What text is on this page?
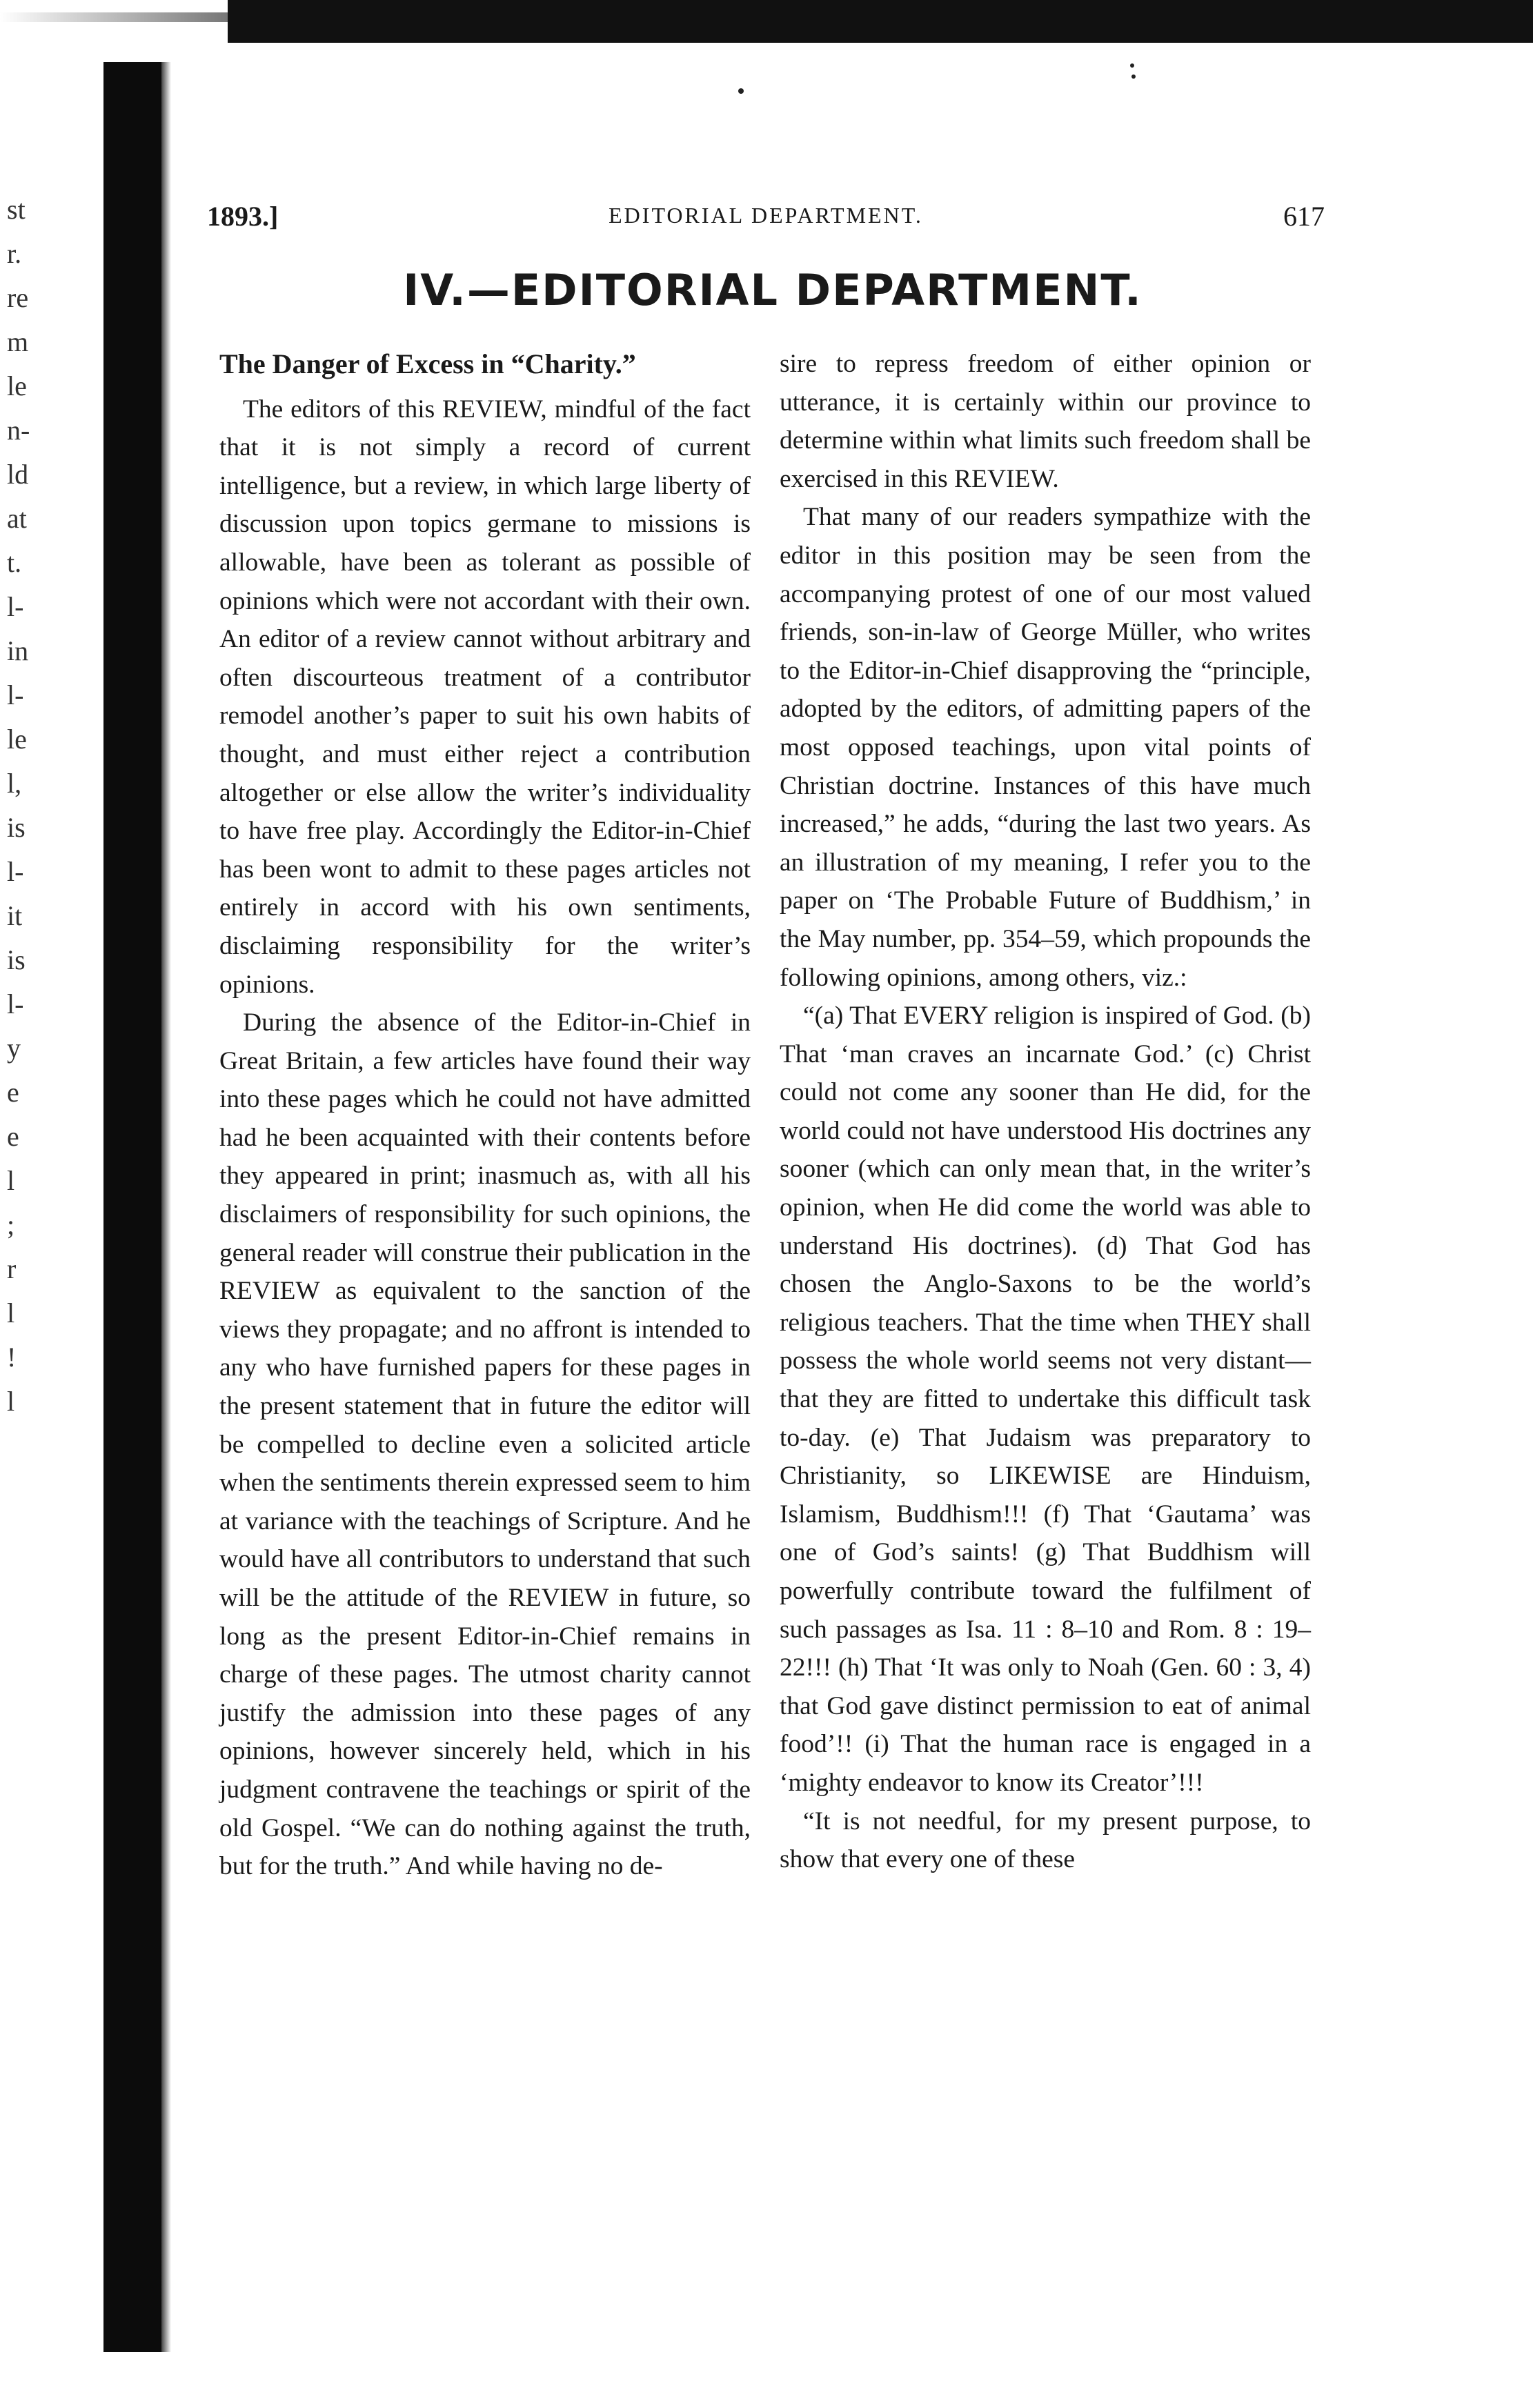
st
r.
re
m
le
n-
ld
at
t.
l-
in
l-
le
l,
is
l-
it
is
l-
y
e
e
l
;
r
l
!
l
1893.]	EDITORIAL DEPARTMENT.	617
IV.—EDITORIAL DEPARTMENT.
The Danger of Excess in “Charity.”

The editors of this REVIEW, mindful of the fact that it is not simply a record of current intelligence, but a review, in which large liberty of discussion upon topics germane to missions is allowable, have been as tolerant as possible of opinions which were not accordant with their own. An editor of a review cannot without arbitrary and often discourteous treatment of a contributor remodel another’s paper to suit his own habits of thought, and must either reject a contribution altogether or else allow the writer’s individuality to have free play. Accordingly the Editor-in-Chief has been wont to admit to these pages articles not entirely in accord with his own sentiments, disclaiming responsibility for the writer’s opinions.

During the absence of the Editor-in-Chief in Great Britain, a few articles have found their way into these pages which he could not have admitted had he been acquainted with their contents before they appeared in print; inasmuch as, with all his disclaimers of responsibility for such opinions, the general reader will construe their publication in the REVIEW as equivalent to the sanction of the views they propagate; and no affront is intended to any who have furnished papers for these pages in the present statement that in future the editor will be compelled to decline even a solicited article when the sentiments therein expressed seem to him at variance with the teachings of Scripture. And he would have all contributors to understand that such will be the attitude of the REVIEW in future, so long as the present Editor-in-Chief remains in charge of these pages. The utmost charity cannot justify the admission into these pages of any opinions, however sincerely held, which in his judgment contravene the teachings or spirit of the old Gospel. “We can do nothing against the truth, but for the truth.” And while having no de-

sire to repress freedom of either opinion or utterance, it is certainly within our province to determine within what limits such freedom shall be exercised in this REVIEW.

That many of our readers sympathize with the editor in this position may be seen from the accompanying protest of one of our most valued friends, son-in-law of George Müller, who writes to the Editor-in-Chief disapproving the “principle, adopted by the editors, of admitting papers of the most opposed teachings, upon vital points of Christian doctrine. Instances of this have much increased,” he adds, “during the last two years. As an illustration of my meaning, I refer you to the paper on ‘The Probable Future of Buddhism,’ in the May number, pp. 354–59, which propounds the following opinions, among others, viz.:

“(a) That EVERY religion is inspired of God. (b) That ‘man craves an incarnate God.’ (c) Christ could not come any sooner than He did, for the world could not have understood His doctrines any sooner (which can only mean that, in the writer’s opinion, when He did come the world was able to understand His doctrines). (d) That God has chosen the Anglo-Saxons to be the world’s religious teachers. That the time when THEY shall possess the whole world seems not very distant—that they are fitted to undertake this difficult task to-day. (e) That Judaism was preparatory to Christianity, so LIKEWISE are Hinduism, Islamism, Buddhism!!! (f) That ‘Gautama’ was one of God’s saints! (g) That Buddhism will powerfully contribute toward the fulfilment of such passages as Isa. 11 : 8–10 and Rom. 8 : 19–22!!! (h) That ‘It was only to Noah (Gen. 60 : 3, 4) that God gave distinct permission to eat of animal food’!! (i) That the human race is engaged in a ‘mighty endeavor to know its Creator’!!!

“It is not needful, for my present purpose, to show that every one of these
